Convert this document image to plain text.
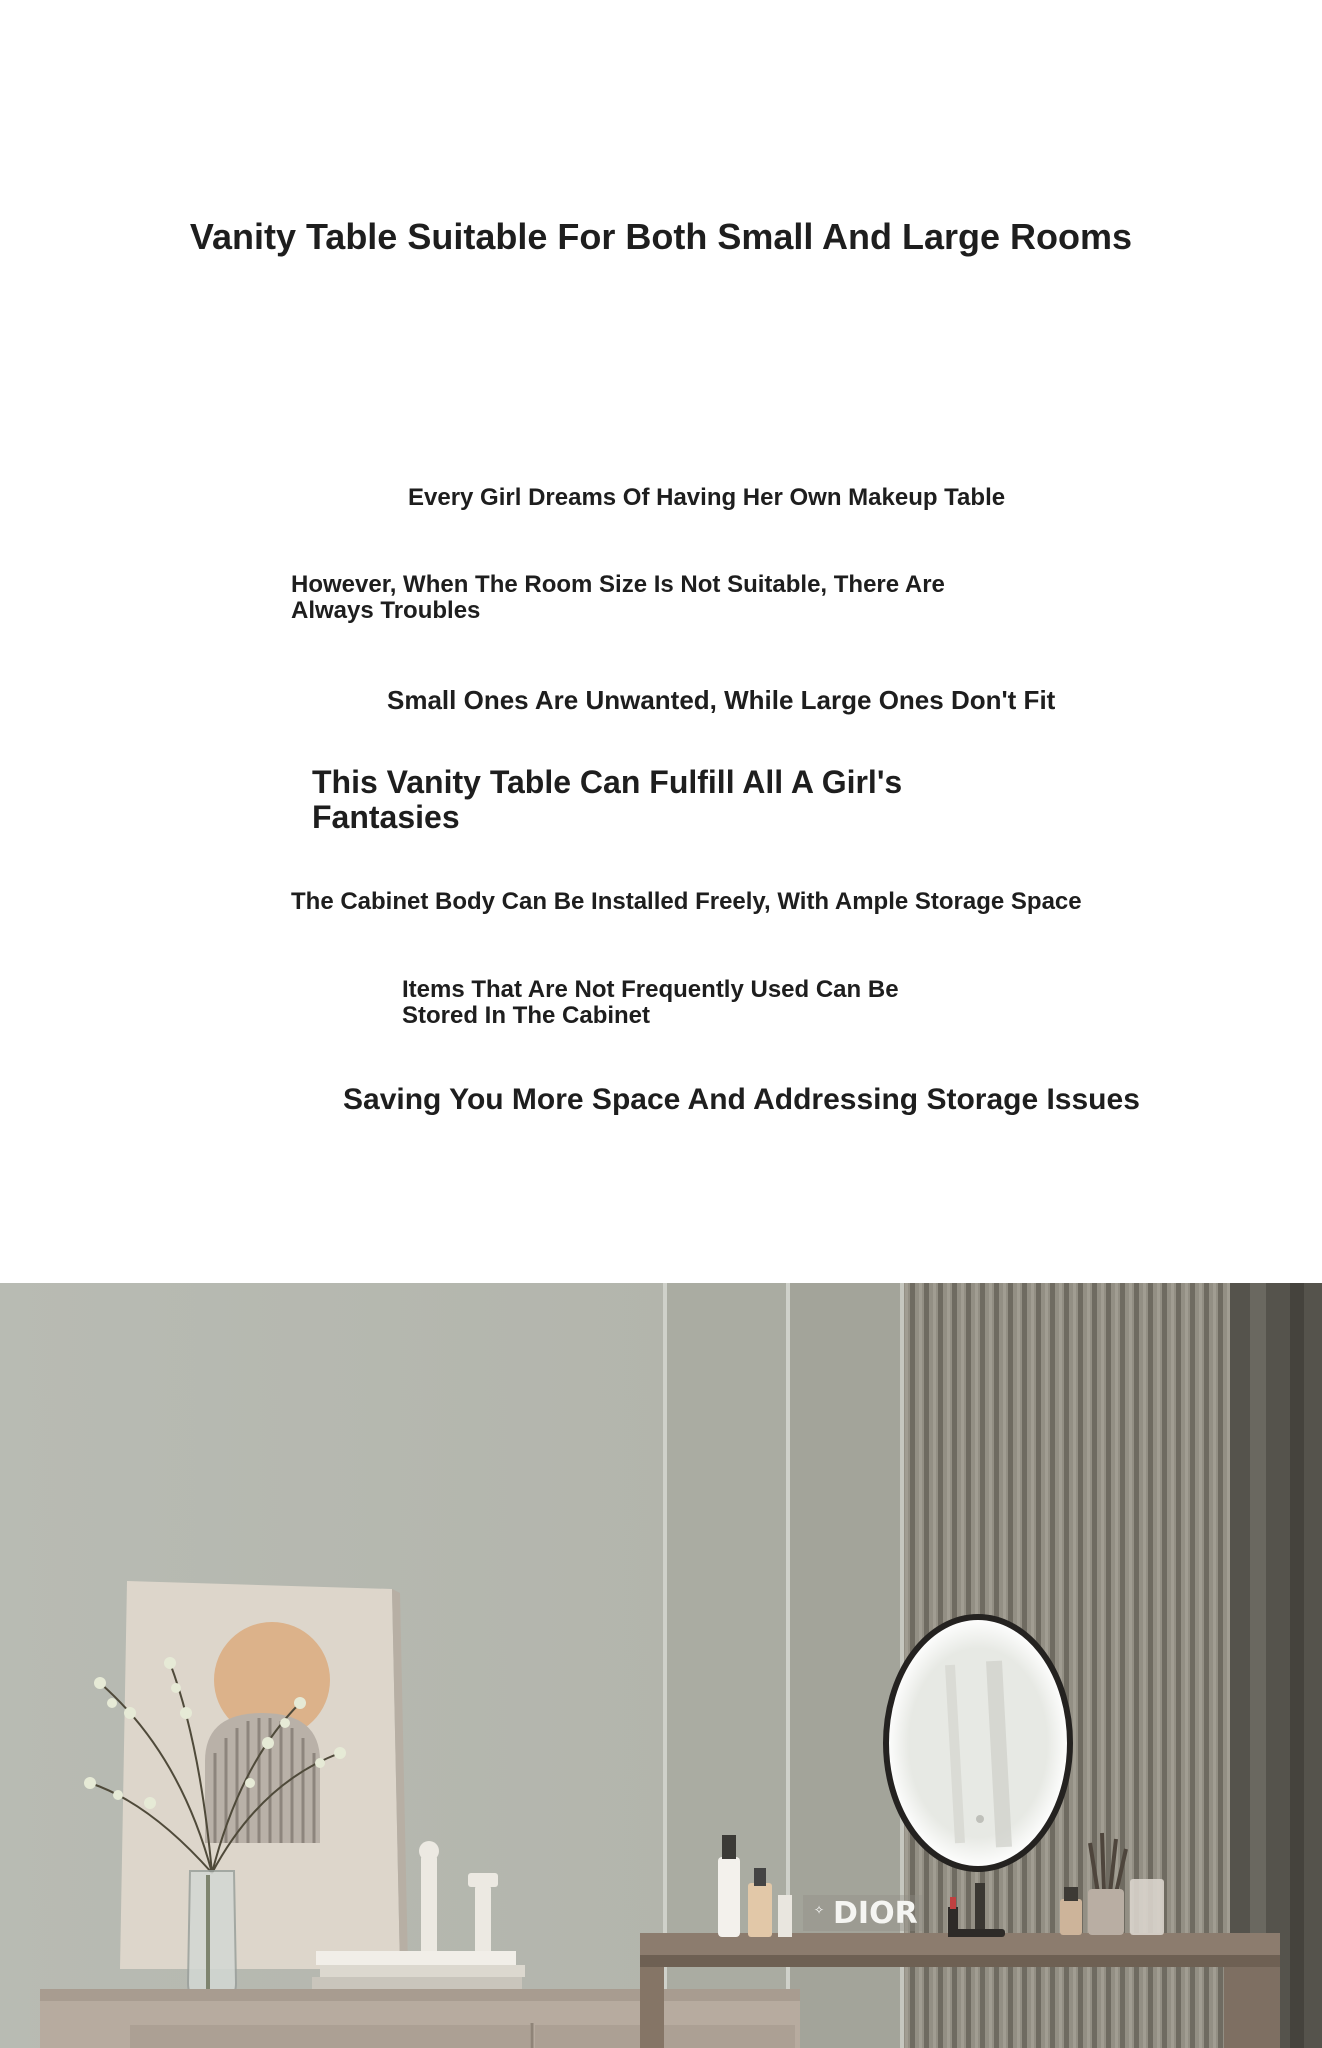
Vanity Table Suitable For Both Small And Large Rooms

Every Girl Dreams Of Having Her Own Makeup Table

However, When The Room Size Is Not Suitable, There Are Always Troubles

Small Ones Are Unwanted, While Large Ones Don't Fit

This Vanity Table Can Fulfill All A Girl's Fantasies

The Cabinet Body Can Be Installed Freely, With Ample Storage Space

Items That Are Not Frequently Used Can Be Stored In The Cabinet

Saving You More Space And Addressing Storage Issues

✧ DIOR
